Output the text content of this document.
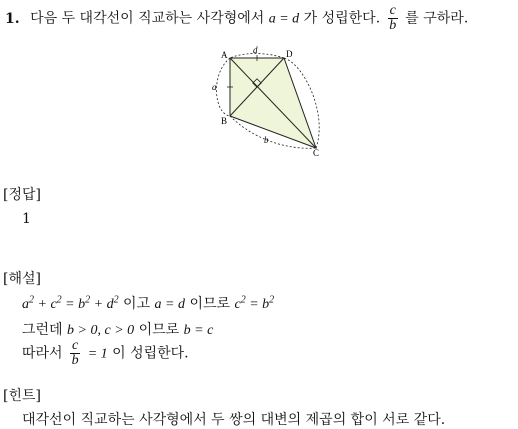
1. 다음 두 대각선이 직교하는 사각형에서 a = d 가 성립한다. $\frac{c}{b}$ 를 구하라.
A	D
B
C
a
d
b
[정답]
1
[해설]
$a^2 + c^2 = b^2 + d^2$ 이고 a = d 이므로 $c^2 = b^2$
그런데 b > 0, c > 0 이므로 b = c
따라서 $\frac{c}{b} = 1$ 이 성립한다.
[힌트]
대각선이 직교하는 사각형에서 두 쌍의 대변의 제곱의 합이 서로 같다.
